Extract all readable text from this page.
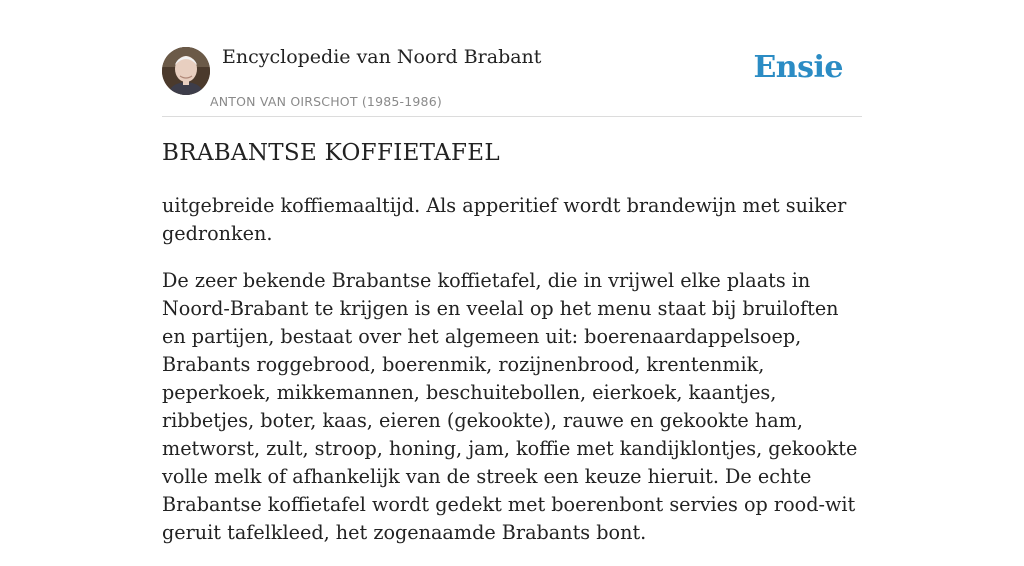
Encyclopedie van Noord Brabant
ANTON VAN OIRSCHOT (1985-1986)
Ensie
BRABANTSE KOFFIETAFEL

uitgebreide koffiemaaltijd. Als apperitief wordt brandewijn met suiker gedronken.

De zeer bekende Brabantse koffietafel, die in vrijwel elke plaats in Noord-Brabant te krijgen is en veelal op het menu staat bij bruiloften en partijen, bestaat over het algemeen uit: boerenaardappelsoep, Brabants roggebrood, boerenmik, rozijnenbrood, krentenmik, peperkoek, mikkemannen, beschuitebollen, eierkoek, kaantjes, ribbetjes, boter, kaas, eieren (gekookte), rauwe en gekookte ham, metworst, zult, stroop, honing, jam, koffie met kandijklontjes, gekookte volle melk of afhankelijk van de streek een keuze hieruit. De echte Brabantse koffietafel wordt gedekt met boerenbont servies op rood-wit geruit tafelkleed, het zogenaamde Brabants bont.
